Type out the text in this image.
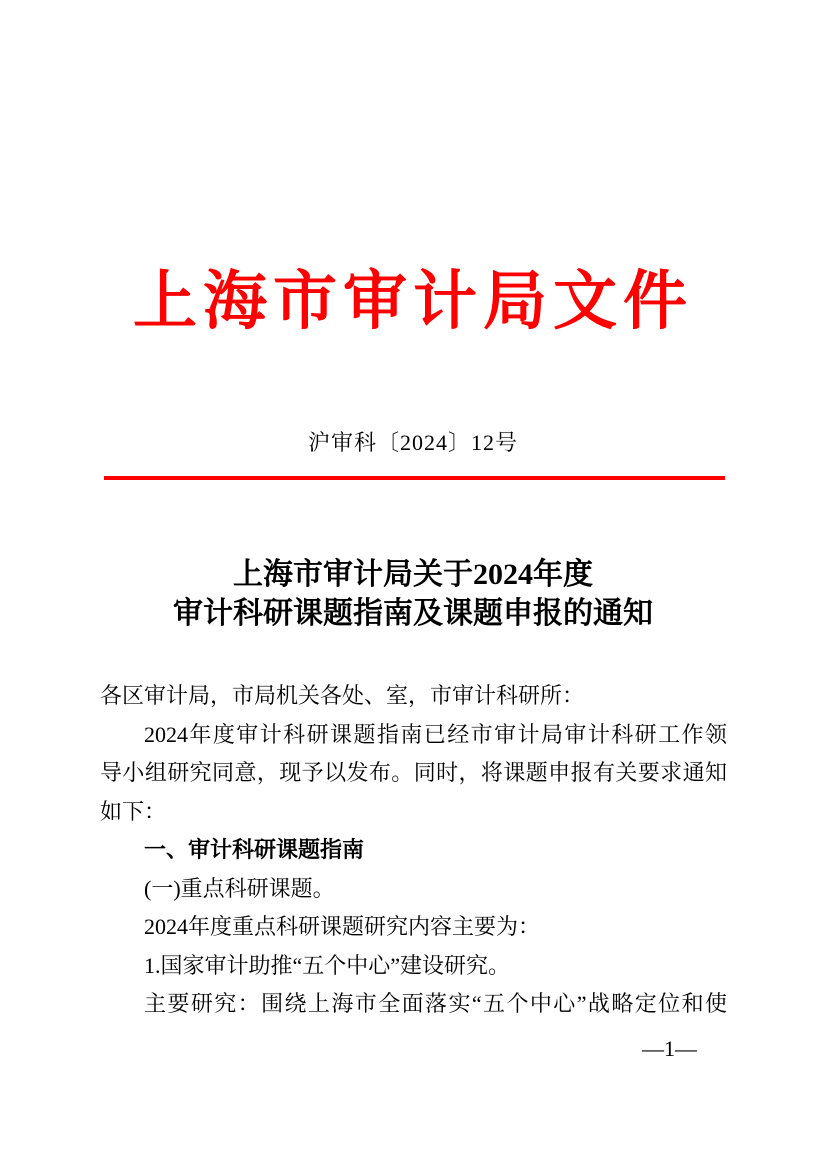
上海市审计局文件
沪审科〔2024〕12号
上海市审计局关于2024年度
审计科研课题指南及课题申报的通知
各区审计局，市局机关各处、室，市审计科研所：
2024年度审计科研课题指南已经市审计局审计科研工作领
导小组研究同意，现予以发布。同时，将课题申报有关要求通知
如下：
一、审计科研课题指南
(一)重点科研课题。
2024年度重点科研课题研究内容主要为：
1.国家审计助推“五个中心”建设研究。
主要研究：围绕上海市全面落实“五个中心”战略定位和使
—1—
